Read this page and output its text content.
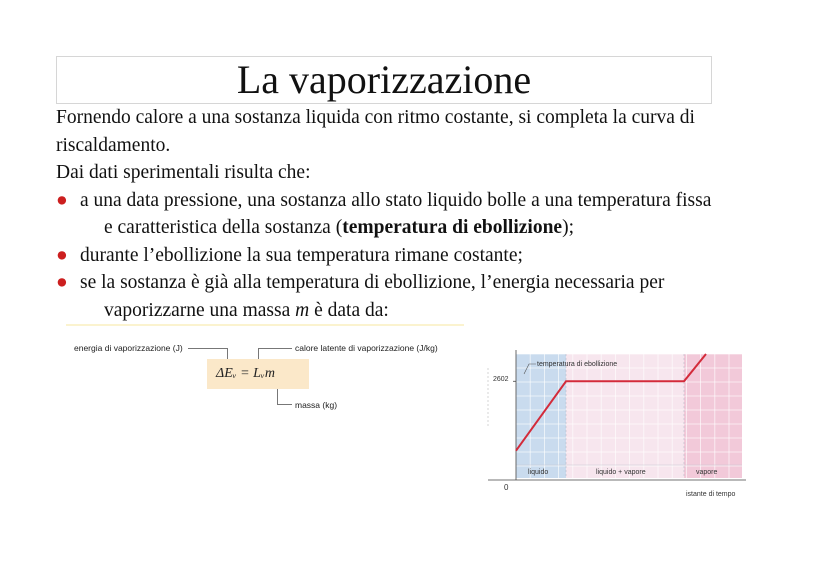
La vaporizzazione

Fornendo calore a una sostanza liquida con ritmo costante, si completa la curva di riscaldamento.

Dai dati sperimentali risulta che:

● a una data pressione, una sostanza allo stato liquido bolle a una temperatura fissa
e caratteristica della sostanza (temperatura di ebollizione);

● durante l’ebollizione la sua temperatura rimane costante;

● se la sostanza è già alla temperatura di ebollizione, l’energia necessaria per
vaporizzarne una massa m è data da:

energia di vaporizzazione (J)	calore latente di vaporizzazione (J/kg)
massa (kg)
ΔEᵥ = Lᵥm
liquido	liquido + vapore	vapore
2602
0
istante di tempo
temperatura di ebollizione
